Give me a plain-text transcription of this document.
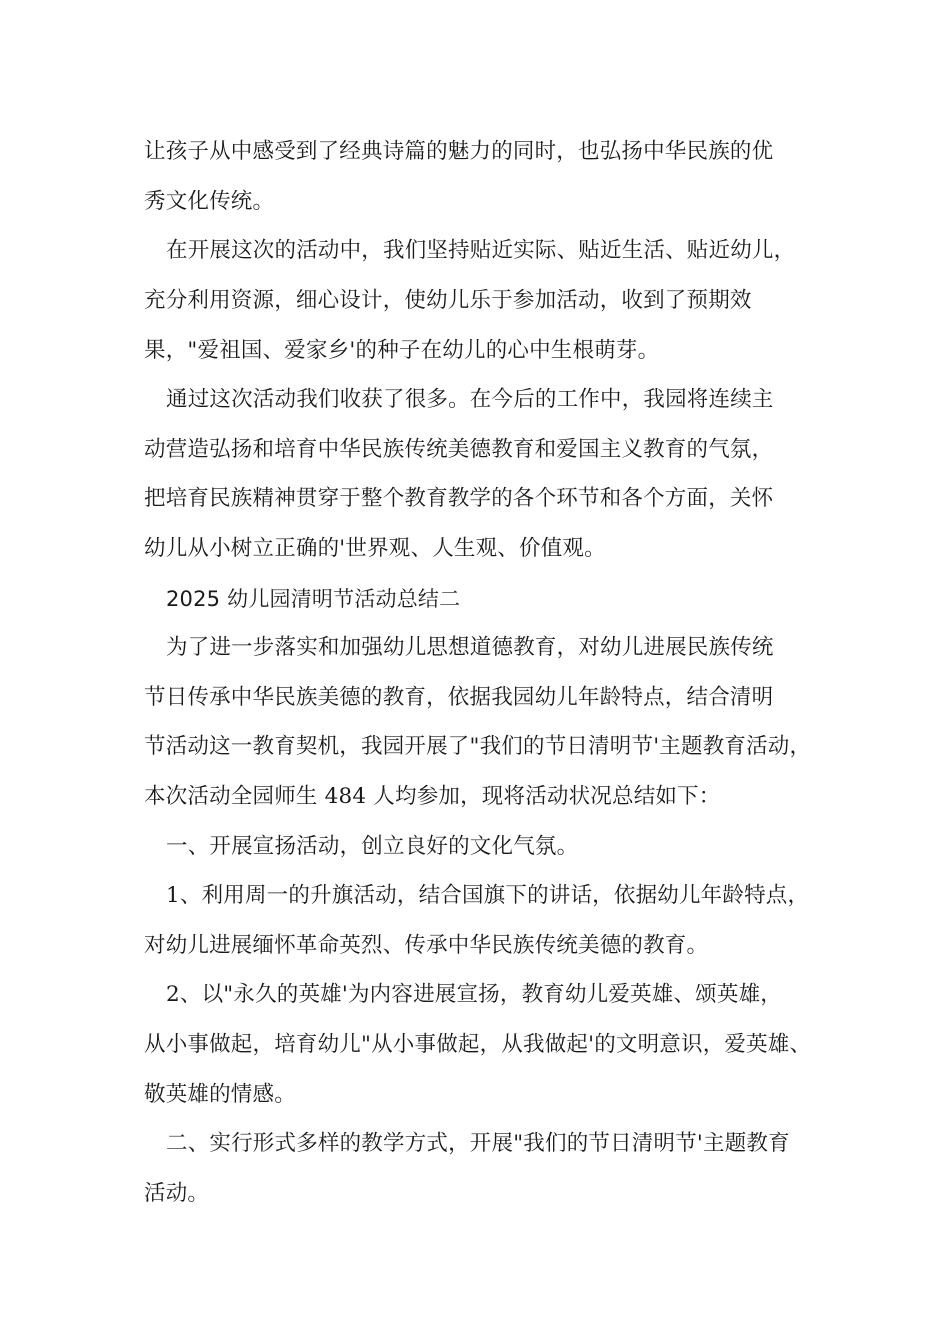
让孩子从中感受到了经典诗篇的魅力的同时，也弘扬中华民族的优
秀文化传统。
在开展这次的活动中，我们坚持贴近实际、贴近生活、贴近幼儿，
充分利用资源，细心设计，使幼儿乐于参加活动，收到了预期效
果，"爱祖国、爱家乡'的种子在幼儿的心中生根萌芽。
通过这次活动我们收获了很多。在今后的工作中，我园将连续主
动营造弘扬和培育中华民族传统美德教育和爱国主义教育的气氛，
把培育民族精神贯穿于整个教育教学的各个环节和各个方面，关怀
幼儿从小树立正确的'世界观、人生观、价值观。
2025 幼儿园清明节活动总结二
为了进一步落实和加强幼儿思想道德教育，对幼儿进展民族传统
节日传承中华民族美德的教育，依据我园幼儿年龄特点，结合清明
节活动这一教育契机，我园开展了"我们的节日清明节'主题教育活动，
本次活动全园师生 484 人均参加，现将活动状况总结如下：
一、开展宣扬活动，创立良好的文化气氛。
1、利用周一的升旗活动，结合国旗下的讲话，依据幼儿年龄特点，
对幼儿进展缅怀革命英烈、传承中华民族传统美德的教育。
2、以"永久的英雄'为内容进展宣扬，教育幼儿爱英雄、颂英雄，
从小事做起，培育幼儿"从小事做起，从我做起'的文明意识，爱英雄、
敬英雄的情感。
二、实行形式多样的教学方式，开展"我们的节日清明节'主题教育
活动。
